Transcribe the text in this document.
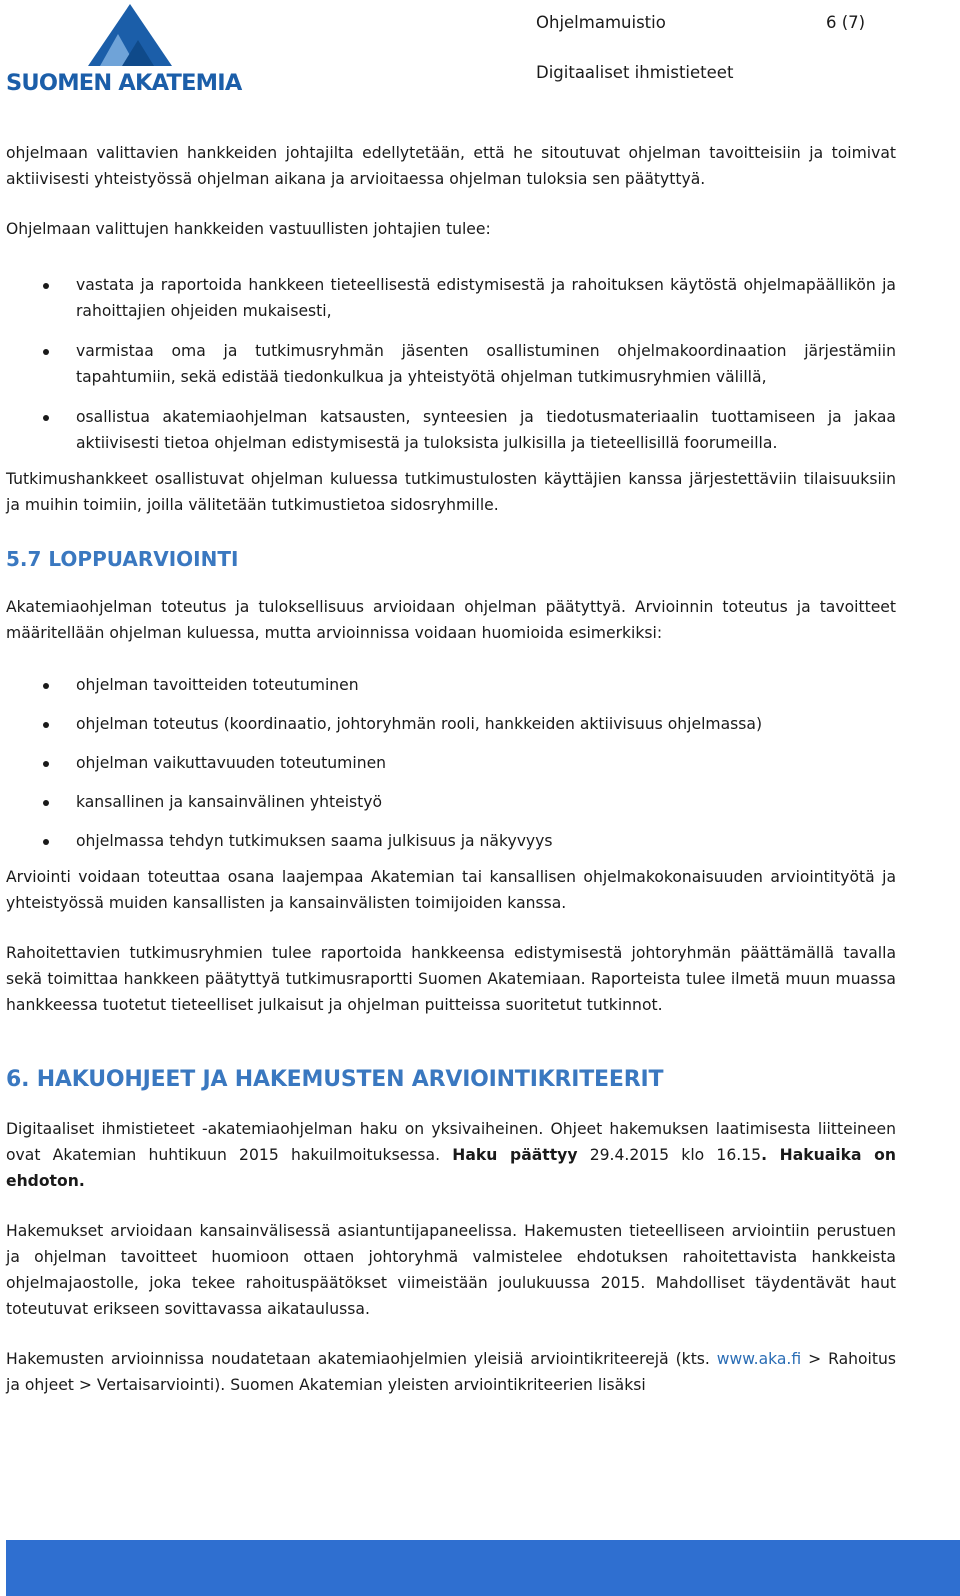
SUOMEN AKATEMIA
Ohjelmamuistio	6 (7)
Digitaaliset ihmistieteet

ohjelmaan valittavien hankkeiden johtajilta edellytetään, että he sitoutuvat ohjelman tavoitteisiin ja toimivat aktiivisesti yhteistyössä ohjelman aikana ja arvioitaessa ohjelman tuloksia sen päätyttyä.

Ohjelmaan valittujen hankkeiden vastuullisten johtajien tulee:

vastata ja raportoida hankkeen tieteellisestä edistymisestä ja rahoituksen käytöstä ohjelmapäällikön ja rahoittajien ohjeiden mukaisesti,
varmistaa oma ja tutkimusryhmän jäsenten osallistuminen ohjelmakoordinaation järjestämiin tapahtumiin, sekä edistää tiedonkulkua ja yhteistyötä ohjelman tutkimusryhmien välillä,
osallistua akatemiaohjelman katsausten, synteesien ja tiedotusmateriaalin tuottamiseen ja jakaa aktiivisesti tietoa ohjelman edistymisestä ja tuloksista julkisilla ja tieteellisillä foorumeilla.

Tutkimushankkeet osallistuvat ohjelman kuluessa tutkimustulosten käyttäjien kanssa järjestettäviin tilaisuuksiin ja muihin toimiin, joilla välitetään tutkimustietoa sidosryhmille.

5.7 LOPPUARVIOINTI

Akatemiaohjelman toteutus ja tuloksellisuus arvioidaan ohjelman päätyttyä. Arvioinnin toteutus ja tavoitteet määritellään ohjelman kuluessa, mutta arvioinnissa voidaan huomioida esimerkiksi:

ohjelman tavoitteiden toteutuminen
ohjelman toteutus (koordinaatio, johtoryhmän rooli, hankkeiden aktiivisuus ohjelmassa)
ohjelman vaikuttavuuden toteutuminen
kansallinen ja kansainvälinen yhteistyö
ohjelmassa tehdyn tutkimuksen saama julkisuus ja näkyvyys

Arviointi voidaan toteuttaa osana laajempaa Akatemian tai kansallisen ohjelmakokonaisuuden arviointityötä ja yhteistyössä muiden kansallisten ja kansainvälisten toimijoiden kanssa.

Rahoitettavien tutkimusryhmien tulee raportoida hankkeensa edistymisestä johtoryhmän päättämällä tavalla sekä toimittaa hankkeen päätyttyä tutkimusraportti Suomen Akatemiaan. Raporteista tulee ilmetä muun muassa hankkeessa tuotetut tieteelliset julkaisut ja ohjelman puitteissa suoritetut tutkinnot.

6. HAKUOHJEET JA HAKEMUSTEN ARVIOINTIKRITEERIT

Digitaaliset ihmistieteet -akatemiaohjelman haku on yksivaiheinen. Ohjeet hakemuksen laatimisesta liitteineen ovat Akatemian huhtikuun 2015 hakuilmoituksessa. Haku päättyy 29.4.2015 klo 16.15. Hakuaika on ehdoton.

Hakemukset arvioidaan kansainvälisessä asiantuntijapaneelissa. Hakemusten tieteelliseen arviointiin perustuen ja ohjelman tavoitteet huomioon ottaen johtoryhmä valmistelee ehdotuksen rahoitettavista hankkeista ohjelmajaostolle, joka tekee rahoituspäätökset viimeistään joulukuussa 2015. Mahdolliset täydentävät haut toteutuvat erikseen sovittavassa aikataulussa.

Hakemusten arvioinnissa noudatetaan akatemiaohjelmien yleisiä arviointikriteerejä (kts. www.aka.fi > Rahoitus ja ohjeet > Vertaisarviointi). Suomen Akatemian yleisten arviointikriteerien lisäksi
